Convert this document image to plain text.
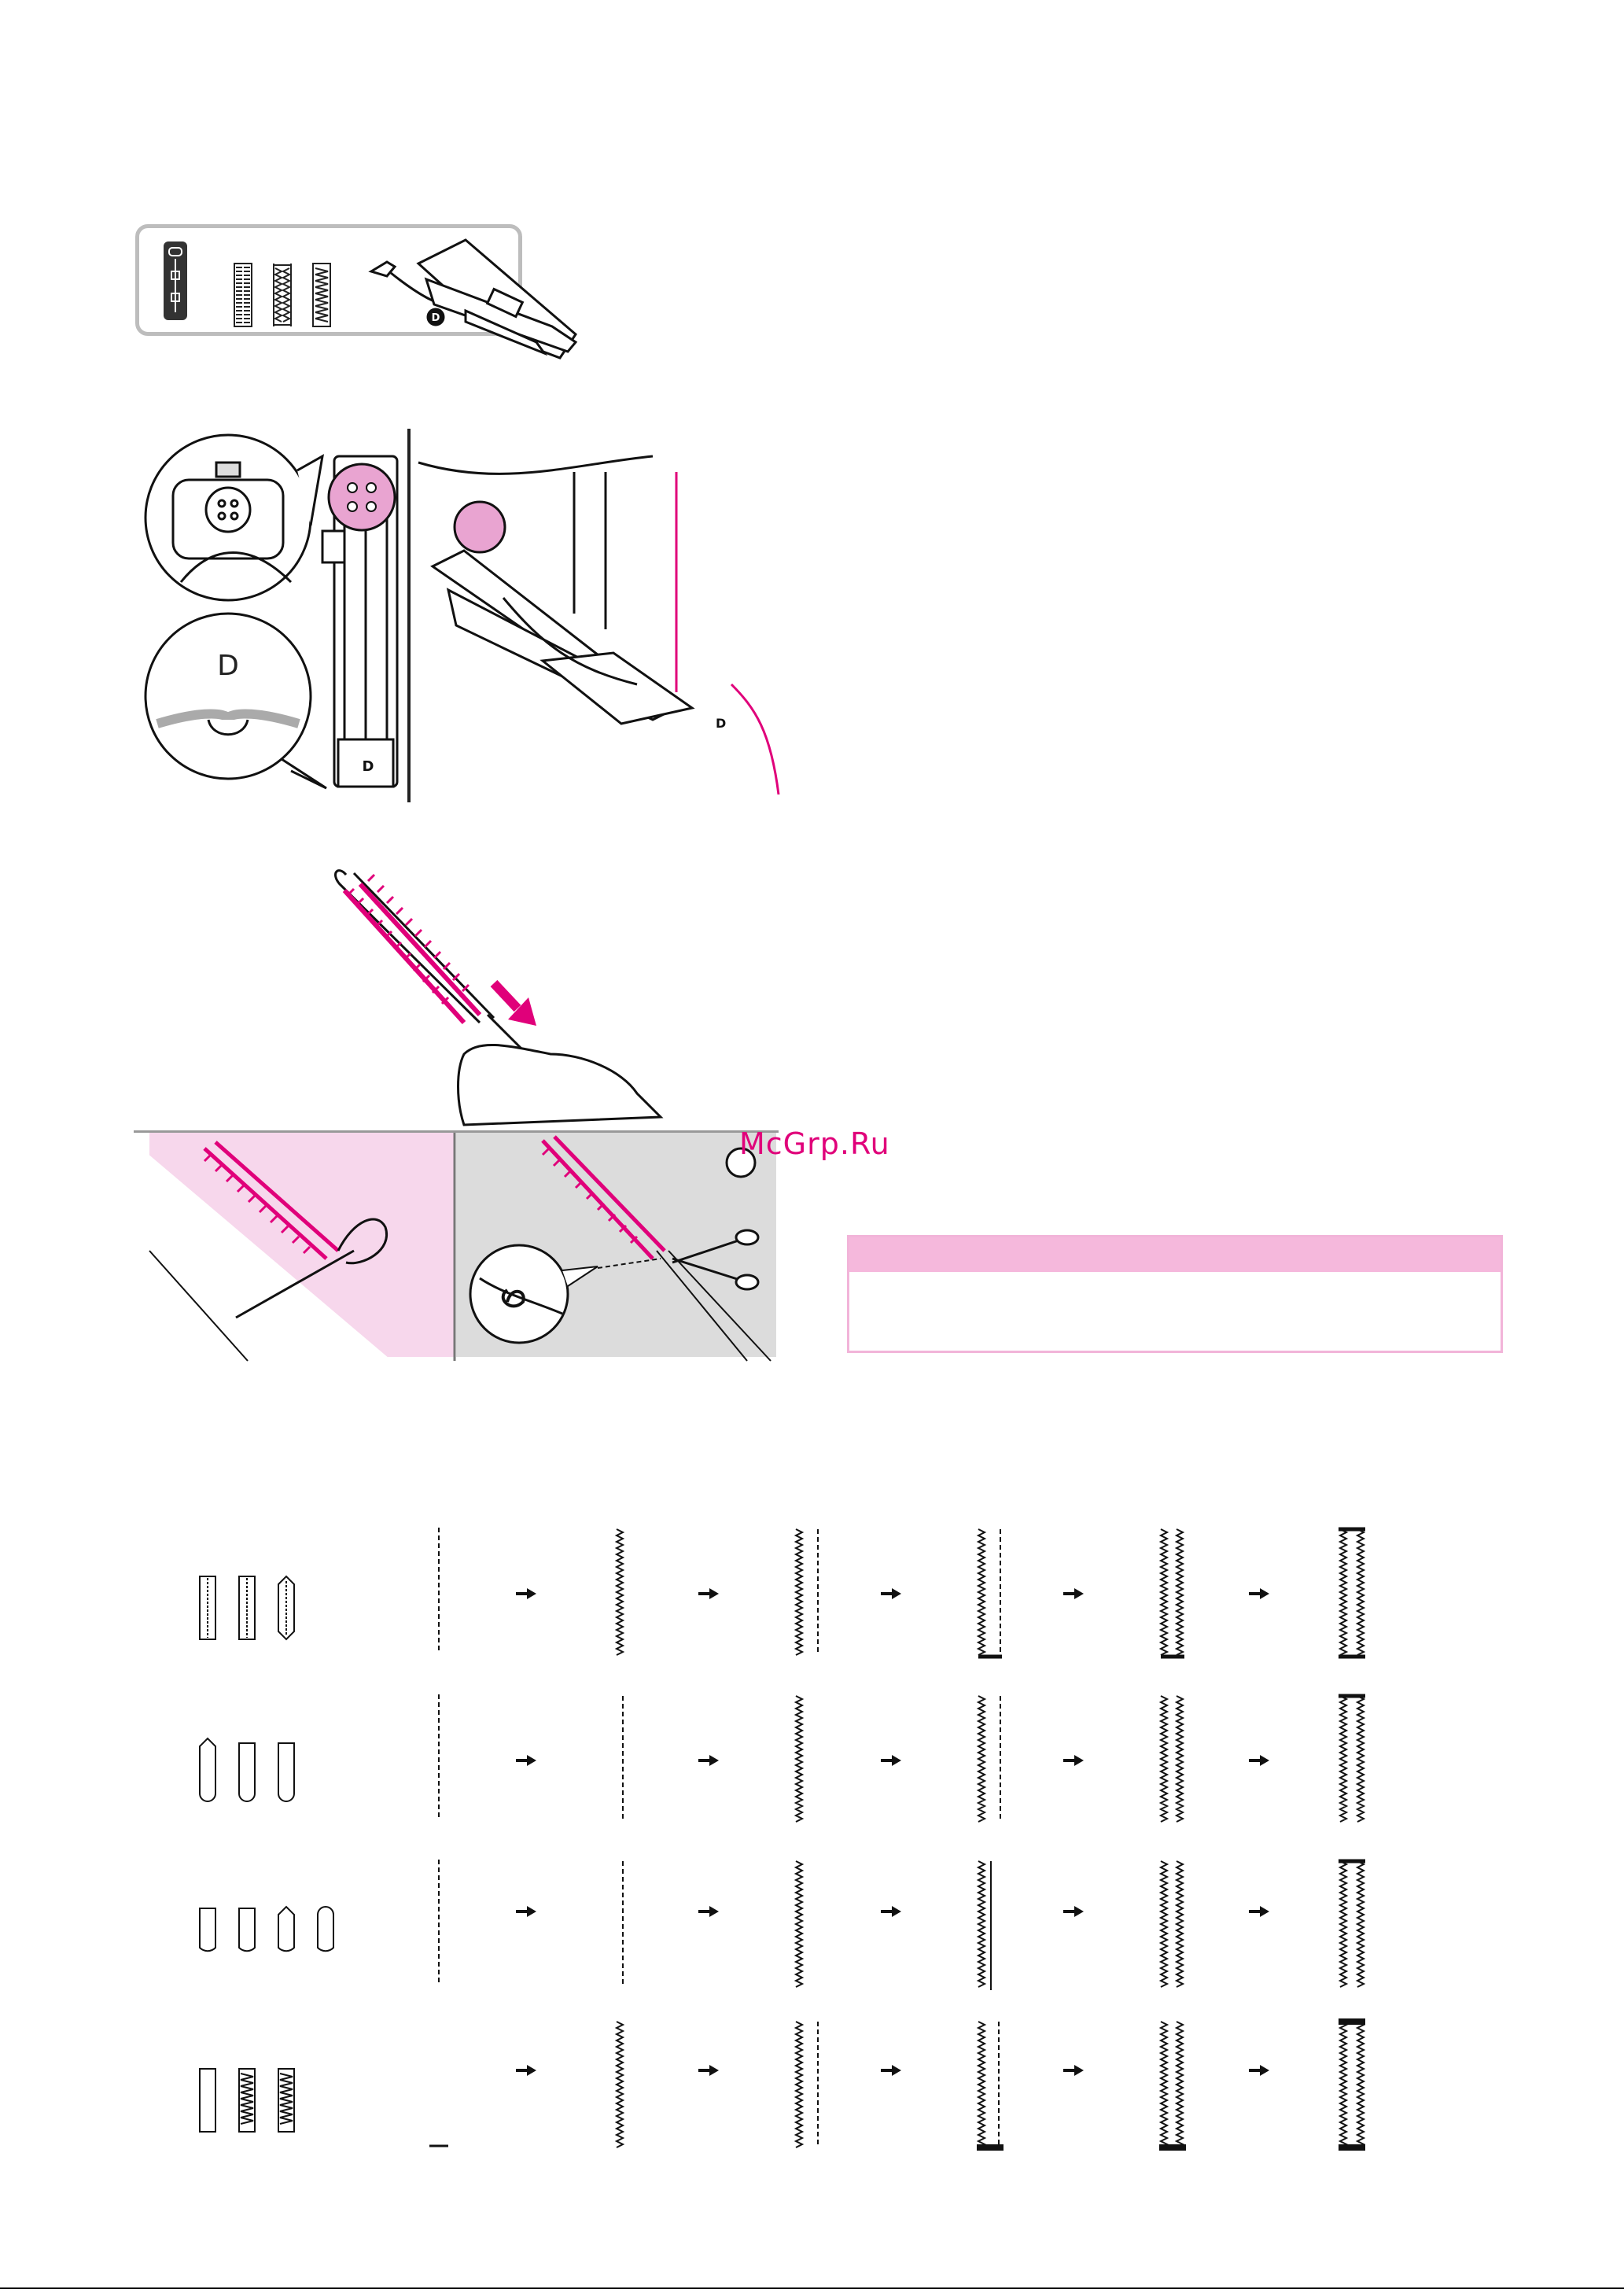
D
D
D
D
McGrp.Ru
